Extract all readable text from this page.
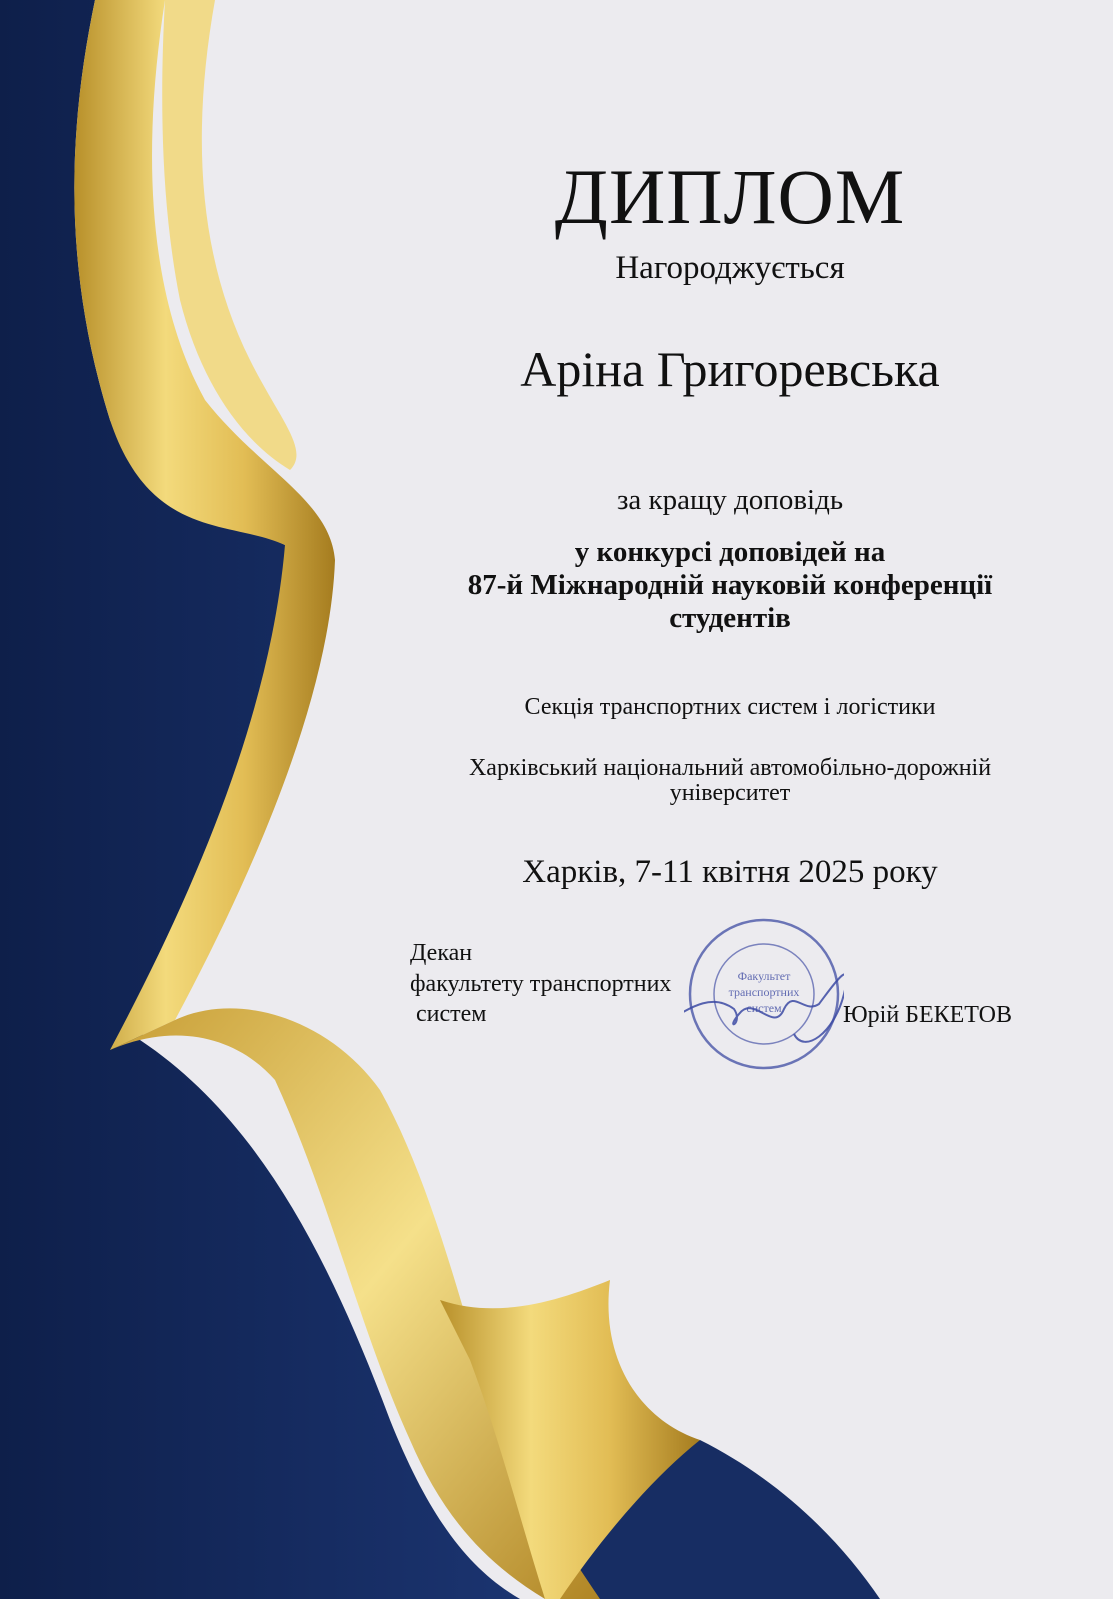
ДИПЛОМ
Нагороджується
Аріна Григоревська
за кращу доповідь
у конкурсі доповідей на
87-й Міжнародній науковій конференції
студентів
Секція транспортних систем і логістики
Харківський національний автомобільно-дорожній університет
Харків, 7-11 квітня 2025 року
Декан
факультету транспортних
систем
Факультет
транспортних
систем	Юрій БЕКЕТОВ
